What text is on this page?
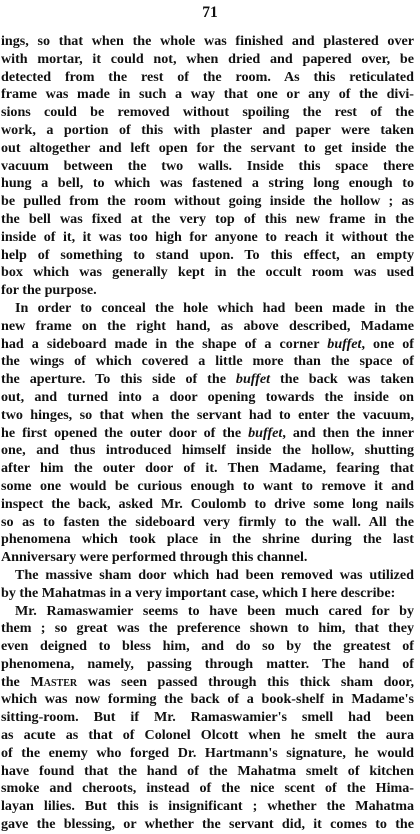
71
ings, so that when the whole was finished and plastered over
with mortar, it could not, when dried and papered over, be
detected from the rest of the room. As this reticulated
frame was made in such a way that one or any of the divi-
sions could be removed without spoiling the rest of the
work, a portion of this with plaster and paper were taken
out altogether and left open for the servant to get inside the
vacuum between the two walls. Inside this space there
hung a bell, to which was fastened a string long enough to
be pulled from the room without going inside the hollow ; as
the bell was fixed at the very top of this new frame in the
inside of it, it was too high for anyone to reach it without the
help of something to stand upon. To this effect, an empty
box which was generally kept in the occult room was used
for the purpose.
In order to conceal the hole which had been made in the
new frame on the right hand, as above described, Madame
had a sideboard made in the shape of a corner buffet, one of
the wings of which covered a little more than the space of
the aperture. To this side of the buffet the back was taken
out, and turned into a door opening towards the inside on
two hinges, so that when the servant had to enter the vacuum,
he first opened the outer door of the buffet, and then the inner
one, and thus introduced himself inside the hollow, shutting
after him the outer door of it. Then Madame, fearing that
some one would be curious enough to want to remove it and
inspect the back, asked Mr. Coulomb to drive some long nails
so as to fasten the sideboard very firmly to the wall. All the
phenomena which took place in the shrine during the last
Anniversary were performed through this channel.
The massive sham door which had been removed was utilized
by the Mahatmas in a very important case, which I here describe:
Mr. Ramaswamier seems to have been much cared for by
them ; so great was the preference shown to him, that they
even deigned to bless him, and do so by the greatest of
phenomena, namely, passing through matter. The hand of
the Master was seen passed through this thick sham door,
which was now forming the back of a book-shelf in Madame's
sitting-room. But if Mr. Ramaswamier's smell had been
as acute as that of Colonel Olcott when he smelt the aura
of the enemy who forged Dr. Hartmann's signature, he would
have found that the hand of the Mahatma smelt of kitchen
smoke and cheroots, instead of the nice scent of the Hima-
layan lilies. But this is insignificant ; whether the Mahatma
gave the blessing, or whether the servant did, it comes to the
